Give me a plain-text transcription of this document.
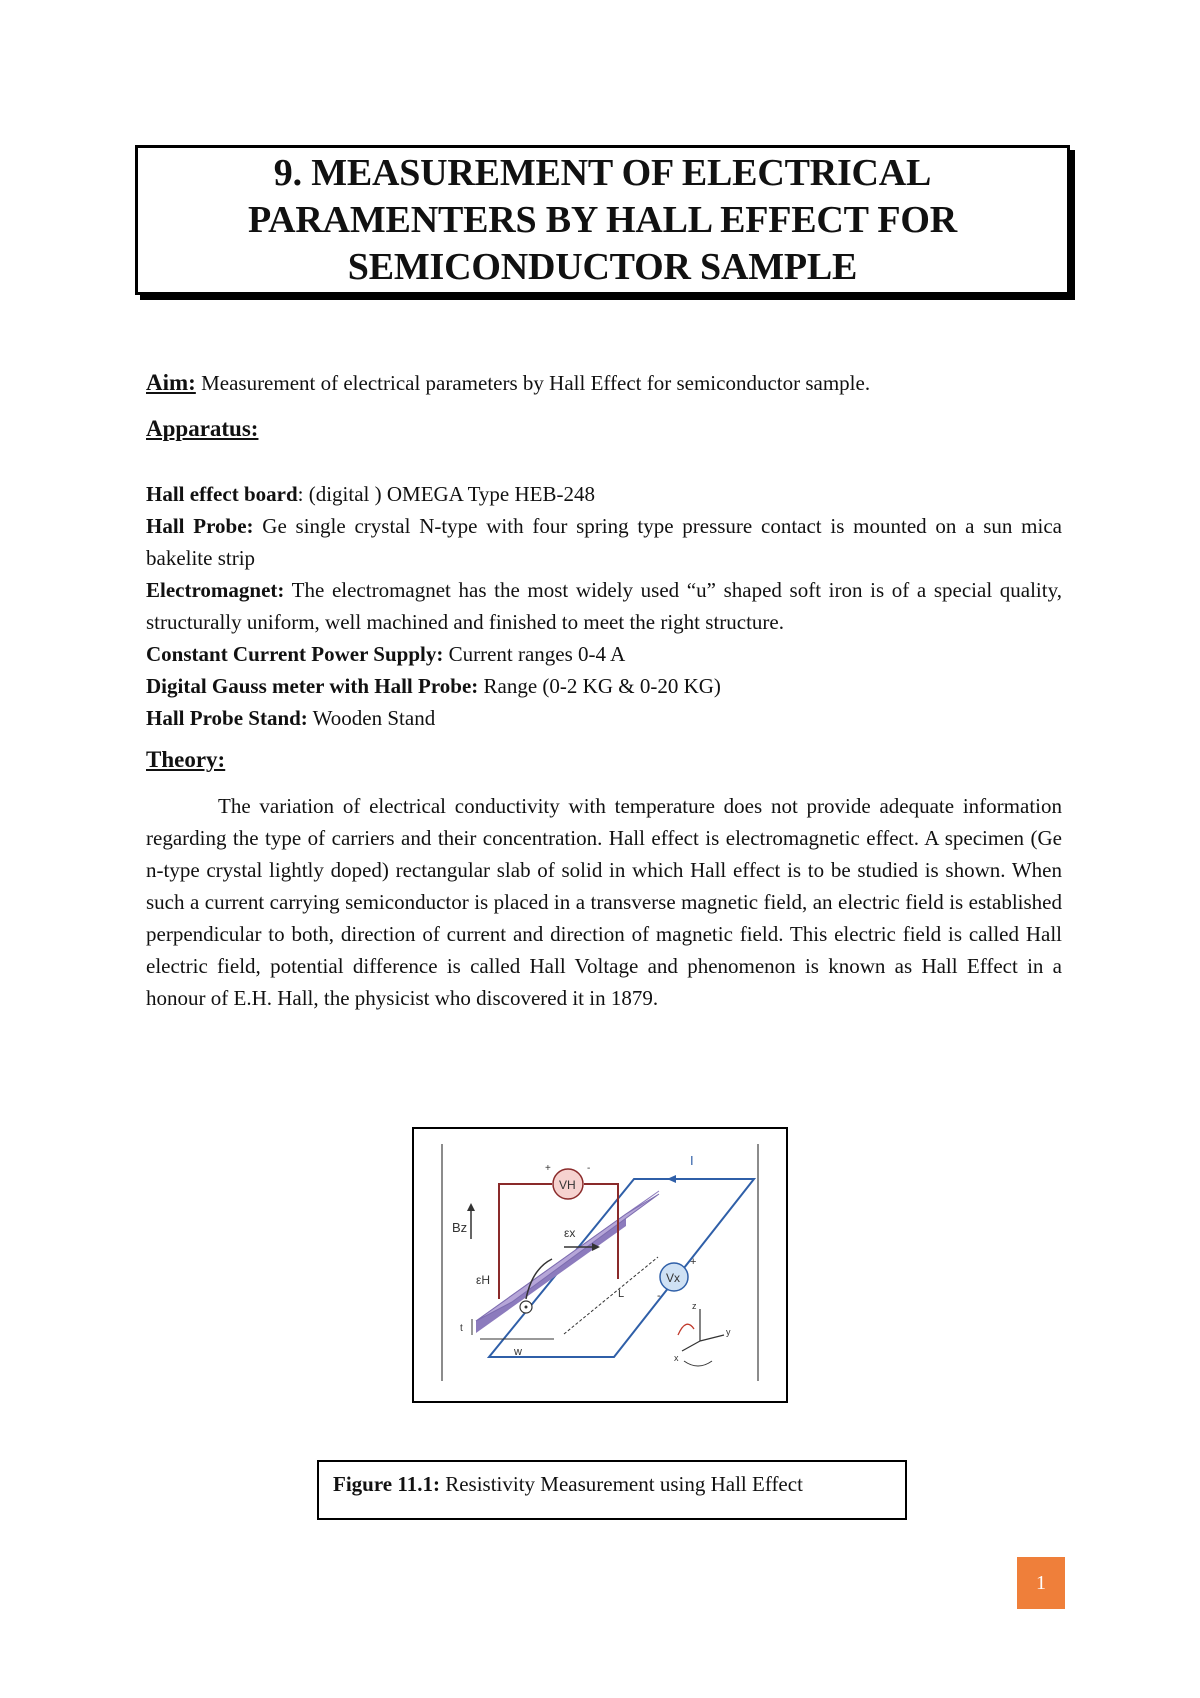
9. MEASUREMENT OF ELECTRICAL
PARAMENTERS BY HALL EFFECT FOR
SEMICONDUCTOR SAMPLE

Aim: Measurement of electrical parameters by Hall Effect for semiconductor sample.

Apparatus:

Hall effect board: (digital ) OMEGA Type HEB-248

Hall Probe: Ge single crystal N-type with four spring type pressure contact is mounted on a sun mica bakelite strip

Electromagnet: The electromagnet has the most widely used “u” shaped soft iron is of a special quality, structurally uniform, well machined and finished to meet the right structure.

Constant Current Power Supply: Current ranges 0-4 A

Digital Gauss meter with Hall Probe: Range (0-2 KG & 0-20 KG)

Hall Probe Stand: Wooden Stand

Theory:

The variation of electrical conductivity with temperature does not provide adequate information regarding the type of carriers and their concentration. Hall effect is electromagnetic effect. A specimen (Ge n-type crystal lightly doped) rectangular slab of solid in which Hall effect is to be studied is shown. When such a current carrying semiconductor is placed in a transverse magnetic field, an electric field is established perpendicular to both, direction of current and direction of magnetic field. This electric field is called Hall electric field, potential difference is called Hall Voltage and phenomenon is known as Hall Effect in a honour of E.H. Hall, the physicist who discovered it in 1879.

I
VH
+	-
Vx
+
-
Bz	εx
εH
L
w
t
z
y
x
Figure 11.1: Resistivity Measurement using Hall Effect
1
